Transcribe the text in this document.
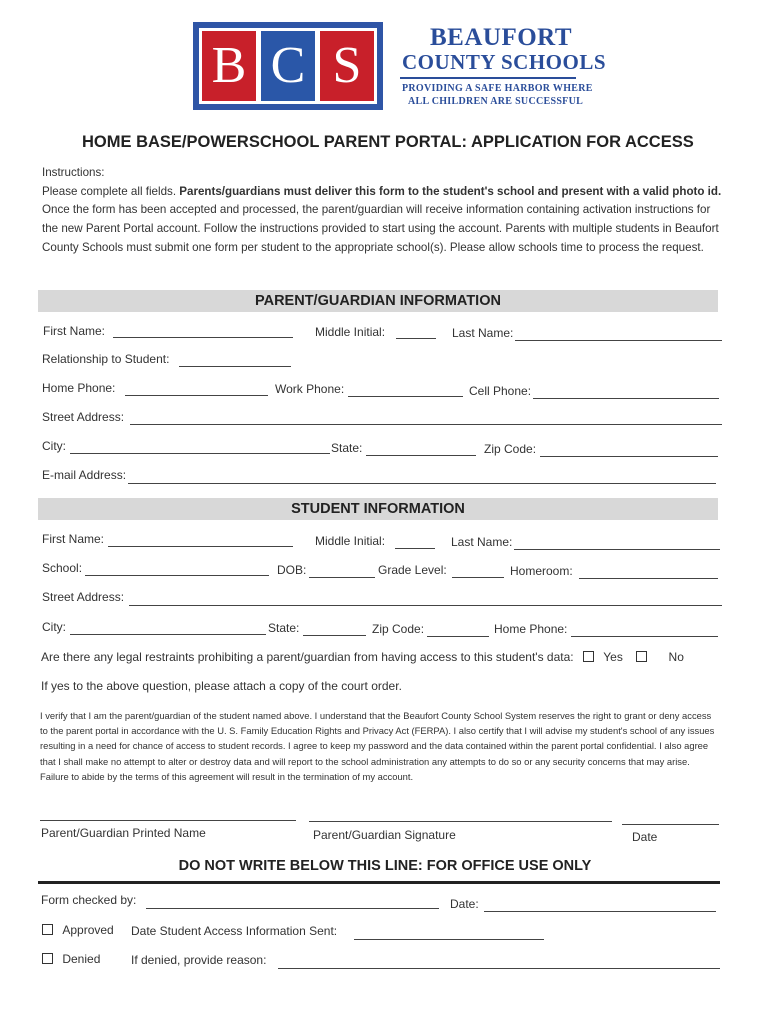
B C S	BEAUFORT
COUNTY SCHOOLS
PROVIDING A SAFE HARBOR WHERE
ALL CHILDREN ARE SUCCESSFUL
HOME BASE/POWERSCHOOL PARENT PORTAL: APPLICATION FOR ACCESS
Instructions:
Please complete all fields. Parents/guardians must deliver this form to the student's school and present with a valid photo id. Once the form has been accepted and processed, the parent/guardian will receive information containing activation instructions for the new Parent Portal account. Follow the instructions provided to start using the account. Parents with multiple students in Beaufort County Schools must submit one form per student to the appropriate school(s). Please allow schools time to process the request.
PARENT/GUARDIAN INFORMATION
First Name:	Middle Initial:	Last Name:
Relationship to Student:
Home Phone:	Work Phone:	Cell Phone:
Street Address:
City:	State:	Zip Code:
E-mail Address:
STUDENT INFORMATION
First Name:	Middle Initial:	Last Name:
School:	DOB:	Grade Level:	Homeroom:
Street Address:
City:	State:	Zip Code:	Home Phone:
Are there any legal restraints prohibiting a parent/guardian from having access to this student's data: Yes	No
If yes to the above question, please attach a copy of the court order.
I verify that I am the parent/guardian of the student named above. I understand that the Beaufort County School System reserves the right to grant or deny access to the parent portal in accordance with the U. S. Family Education Rights and Privacy Act (FERPA). I also certify that I will advise my student's school of any issues resulting in a need for chance of access to student records. I agree to keep my password and the data contained within the parent portal confidential. I also agree that I shall make no attempt to alter or destroy data and will report to the school administration any attempts to do so or any security concerns that may arise. Failure to abide by the terms of this agreement will result in the termination of my account.
Parent/Guardian Printed Name	Parent/Guardian Signature	Date
DO NOT WRITE BELOW THIS LINE: FOR OFFICE USE ONLY
Form checked by:	Date:
Approved Date Student Access Information Sent:
Denied	If denied, provide reason:
